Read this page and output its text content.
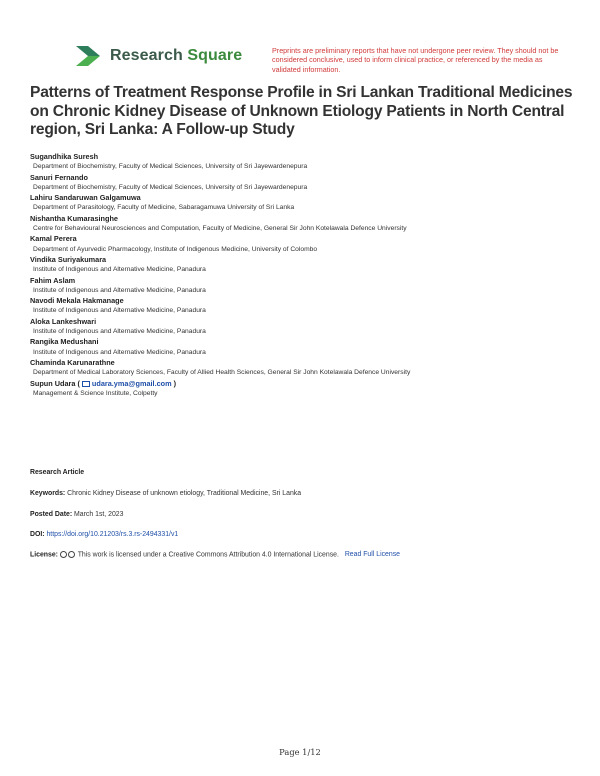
Research Square	Preprints are preliminary reports that have not undergone peer review. They should not be considered conclusive, used to inform clinical practice, or referenced by the media as validated information.
Patterns of Treatment Response Profile in Sri Lankan Traditional Medicines on Chronic Kidney Disease of Unknown Etiology Patients in North Central region, Sri Lanka: A Follow-up Study
Sugandhika Suresh
Department of Biochemistry, Faculty of Medical Sciences, University of Sri Jayewardenepura
Sanuri Fernando
Department of Biochemistry, Faculty of Medical Sciences, University of Sri Jayewardenepura
Lahiru Sandaruwan Galgamuwa
Department of Parasitology, Faculty of Medicine, Sabaragamuwa University of Sri Lanka
Nishantha Kumarasinghe
Centre for Behavioural Neurosciences and Computation, Faculty of Medicine, General Sir John Kotelawala Defence University
Kamal Perera
Department of Ayurvedic Pharmacology, Institute of Indigenous Medicine, University of Colombo
Vindika Suriyakumara
Institute of Indigenous and Alternative Medicine, Panadura
Fahim Aslam
Institute of Indigenous and Alternative Medicine, Panadura
Navodi Mekala Hakmanage
Institute of Indigenous and Alternative Medicine, Panadura
Aloka Lankeshwari
Institute of Indigenous and Alternative Medicine, Panadura
Rangika Medushani
Institute of Indigenous and Alternative Medicine, Panadura
Chaminda Karunarathne
Department of Medical Laboratory Sciences, Faculty of Allied Health Sciences, General Sir John Kotelawala Defence University
Supun Udara ( udara.yma@gmail.com )
Management & Science Institute, Colpetty
Research Article
Keywords: Chronic Kidney Disease of unknown etiology, Traditional Medicine, Sri Lanka
Posted Date: March 1st, 2023
DOI: https://doi.org/10.21203/rs.3.rs-2494331/v1
License:	This work is licensed under a Creative Commons Attribution 4.0 International License. Read Full License
Page 1/12
